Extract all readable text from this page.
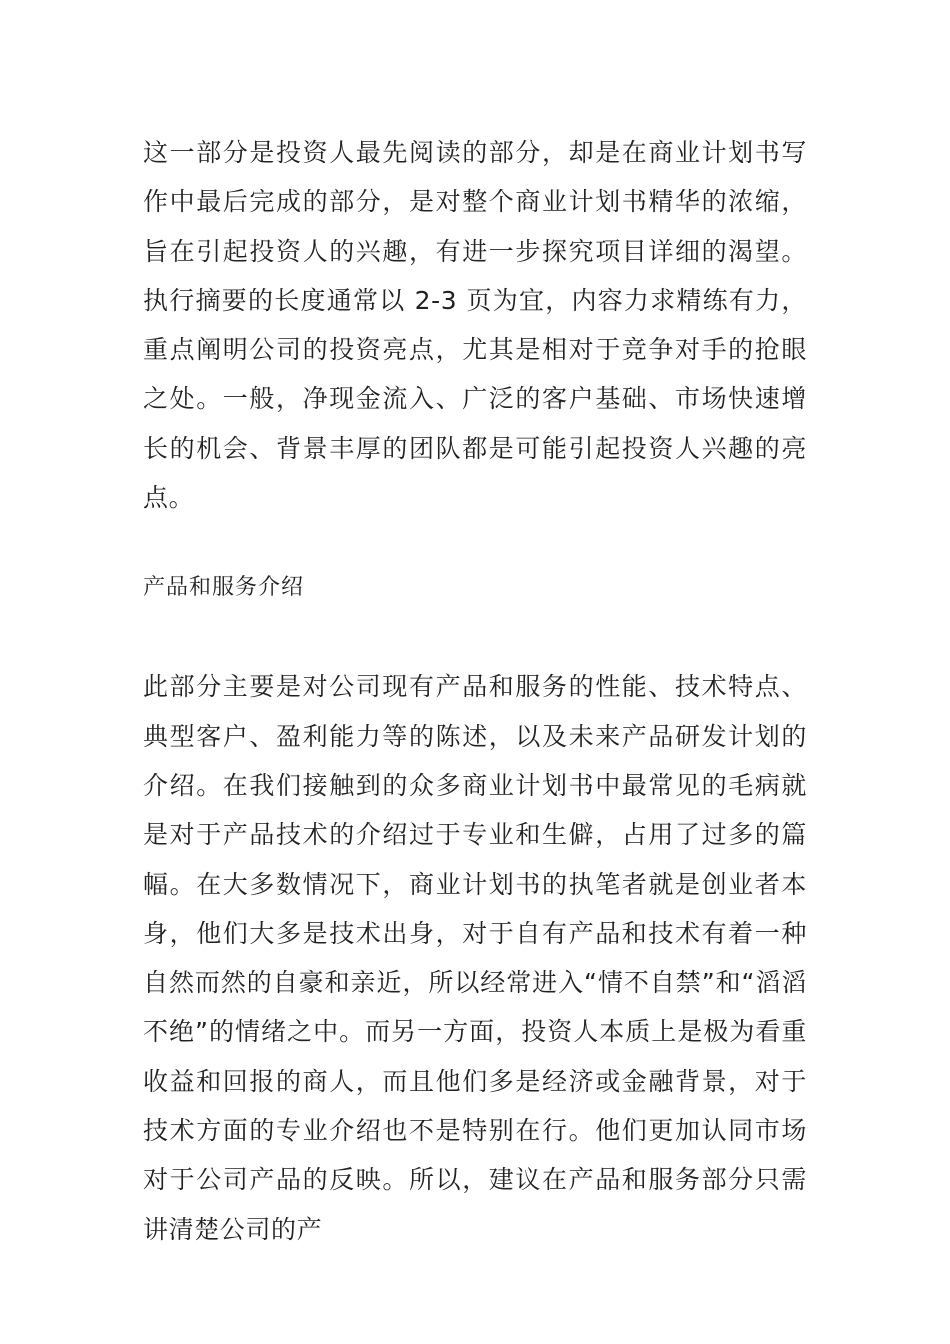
这一部分是投资人最先阅读的部分，却是在商业计划书写作中最后完成的部分，是对整个商业计划书精华的浓缩，旨在引起投资人的兴趣，有进一步探究项目详细的渴望。执行摘要的长度通常以 2-3 页为宜，内容力求精练有力，重点阐明公司的投资亮点，尤其是相对于竞争对手的抢眼之处。一般，净现金流入、广泛的客户基础、市场快速增长的机会、背景丰厚的团队都是可能引起投资人兴趣的亮点。

产品和服务介绍

此部分主要是对公司现有产品和服务的性能、技术特点、典型客户、盈利能力等的陈述，以及未来产品研发计划的介绍。在我们接触到的众多商业计划书中最常见的毛病就是对于产品技术的介绍过于专业和生僻，占用了过多的篇幅。在大多数情况下，商业计划书的执笔者就是创业者本身，他们大多是技术出身，对于自有产品和技术有着一种自然而然的自豪和亲近，所以经常进入“情不自禁”和“滔滔不绝”的情绪之中。而另一方面，投资人本质上是极为看重收益和回报的商人，而且他们多是经济或金融背景，对于技术方面的专业介绍也不是特别在行。他们更加认同市场对于公司产品的反映。所以，建议在产品和服务部分只需讲清楚公司的产
